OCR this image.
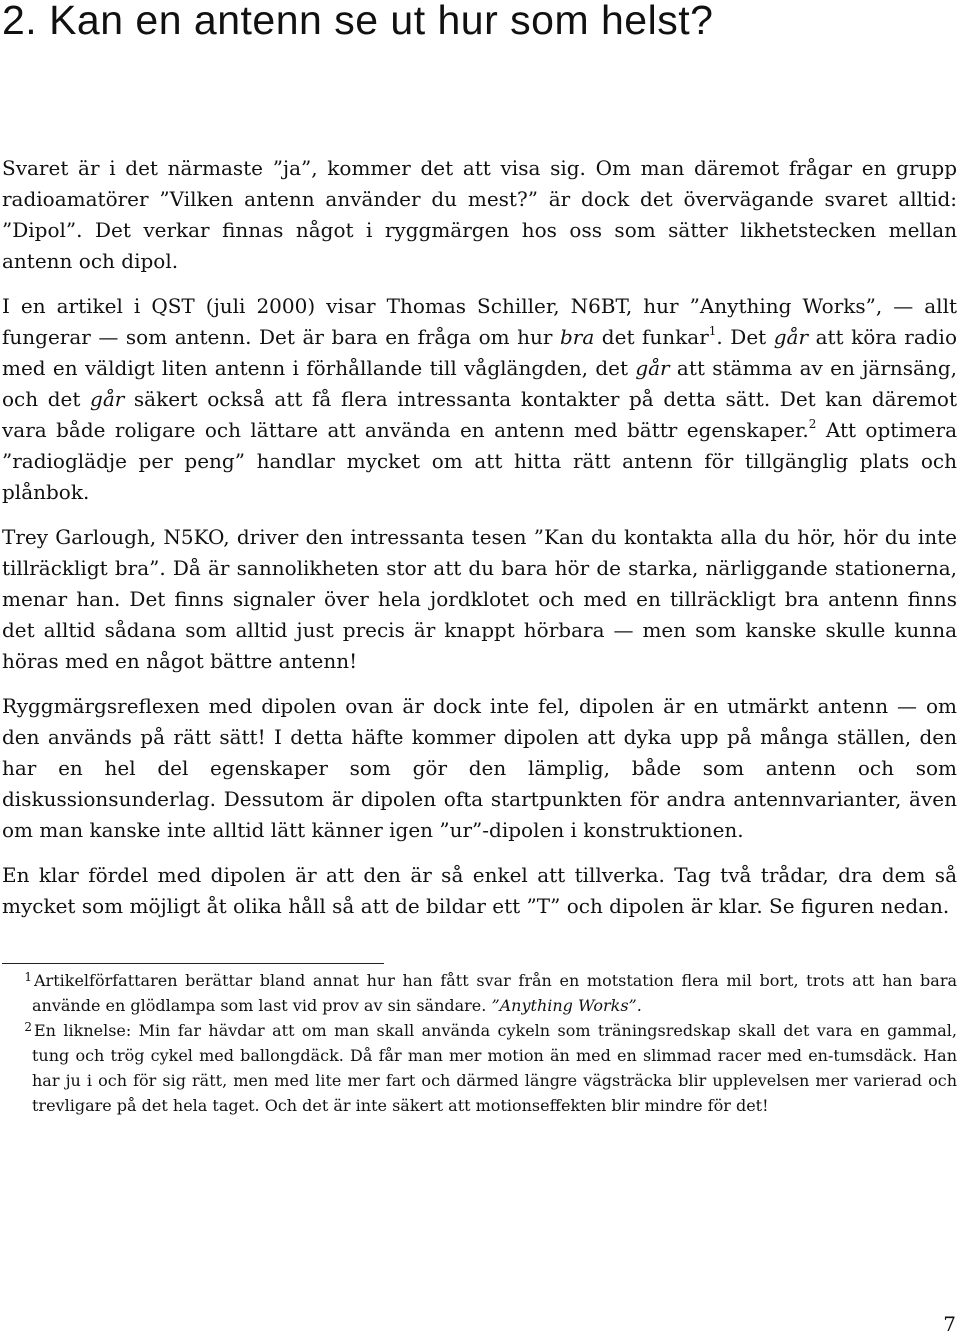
2. Kan en antenn se ut hur som helst?

Svaret är i det närmaste ”ja”, kommer det att visa sig. Om man däremot frågar en grupp radioamatörer ”Vilken antenn använder du mest?” är dock det övervägande svaret alltid: ”Dipol”. Det verkar finnas något i ryggmärgen hos oss som sätter likhetstecken mellan antenn och dipol.

I en artikel i QST (juli 2000) visar Thomas Schiller, N6BT, hur ”Anything Works”, — allt fungerar — som antenn. Det är bara en fråga om hur bra det funkar$^1$. Det går att köra radio med en väldigt liten antenn i förhållande till våglängden, det går att stämma av en järnsäng, och det går säkert också att få flera intressanta kontakter på detta sätt. Det kan däremot vara både roligare och lättare att använda en antenn med bättr egenskaper.$^2$ Att optimera ”radioglädje per peng” handlar mycket om att hitta rätt antenn för tillgänglig plats och plånbok.

Trey Garlough, N5KO, driver den intressanta tesen ”Kan du kontakta alla du hör, hör du inte tillräckligt bra”. Då är sannolikheten stor att du bara hör de starka, närliggande stationerna, menar han. Det finns signaler över hela jordklotet och med en tillräckligt bra antenn finns det alltid sådana som alltid just precis är knappt hörbara — men som kanske skulle kunna höras med en något bättre antenn!

Ryggmärgsreflexen med dipolen ovan är dock inte fel, dipolen är en utmärkt antenn — om den används på rätt sätt! I detta häfte kommer dipolen att dyka upp på många ställen, den har en hel del egenskaper som gör den lämplig, både som antenn och som diskussionsunderlag. Dessutom är dipolen ofta startpunkten för andra antennvarianter, även om man kanske inte alltid lätt känner igen ”ur”-dipolen i konstruktionen.

En klar fördel med dipolen är att den är så enkel att tillverka. Tag två trådar, dra dem så mycket som möjligt åt olika håll så att de bildar ett ”T” och dipolen är klar. Se figuren nedan.

1 Artikelförfattaren berättar bland annat hur han fått svar från en motstation flera mil bort, trots att han bara använde en glödlampa som last vid prov av sin sändare. ”Anything Works”.
2 En liknelse: Min far hävdar att om man skall använda cykeln som träningsredskap skall det vara en gammal, tung och trög cykel med ballongdäck. Då får man mer motion än med en slimmad racer med en-tumsdäck. Han har ju i och för sig rätt, men med lite mer fart och därmed längre vägsträcka blir upplevelsen mer varierad och trevligare på det hela taget. Och det är inte säkert att motionseffekten blir mindre för det!
7
